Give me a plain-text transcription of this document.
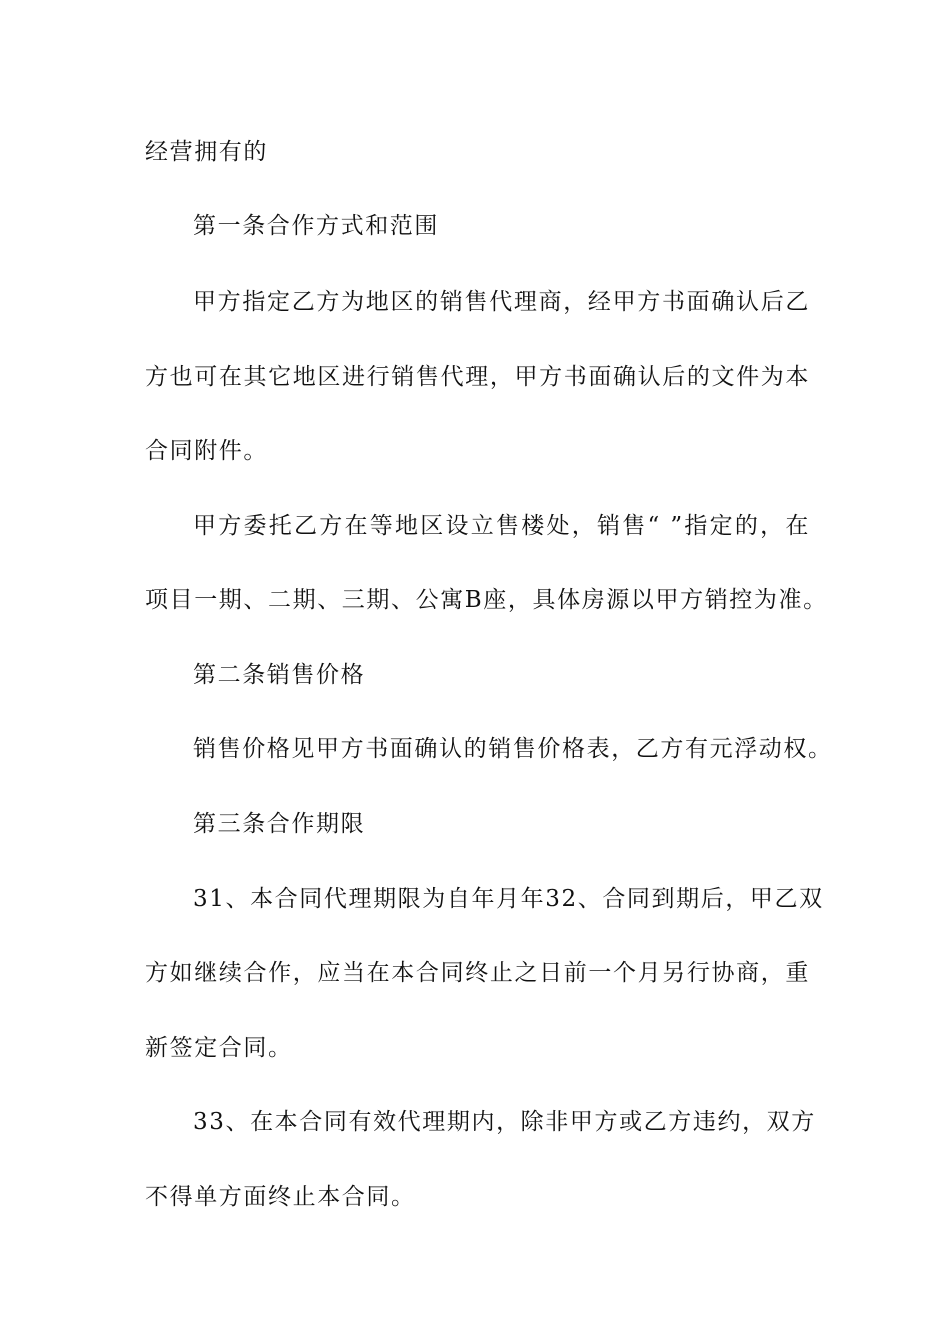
经营拥有的
第一条合作方式和范围
甲方指定乙方为地区的销售代理商，经甲方书面确认后乙
方也可在其它地区进行销售代理，甲方书面确认后的文件为本
合同附件。
甲方委托乙方在等地区设立售楼处，销售“ ”指定的，在
项目一期、二期、三期、公寓B座，具体房源以甲方销控为准。
第二条销售价格
销售价格见甲方书面确认的销售价格表，乙方有元浮动权。
第三条合作期限
31、本合同代理期限为自年月年32、合同到期后，甲乙双
方如继续合作，应当在本合同终止之日前一个月另行协商，重
新签定合同。
33、在本合同有效代理期内，除非甲方或乙方违约，双方
不得单方面终止本合同。
